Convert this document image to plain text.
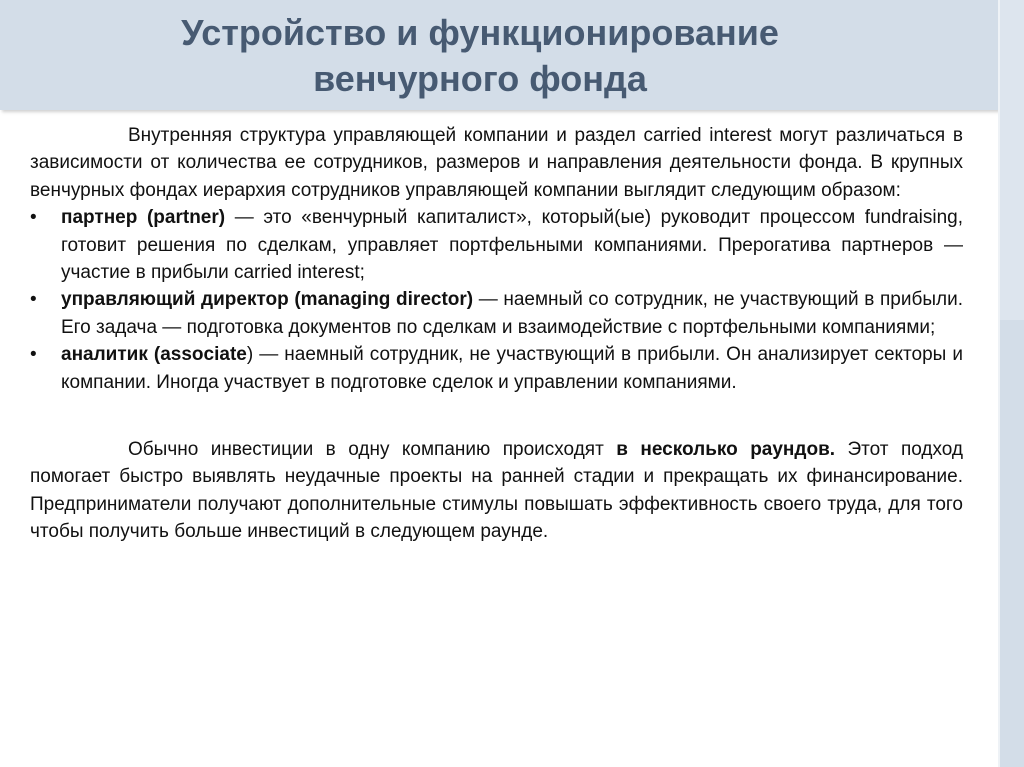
Устройство и функционирование
венчурного фонда

Внутренняя структура управляющей компании и раздел carried interest могут различаться в зависимости от количества ее сотрудников, размеров и направления деятельности фонда. В крупных венчурных фондах иерархия сотрудников управляющей компании выглядит следующим образом:

• партнер (partner) — это «венчурный капиталист», который(ые) руководит процессом fundraising, готовит решения по сделкам, управляет портфельными компаниями. Прерогатива партнеров — участие в прибыли carried interest;
• управляющий директор (managing director) — наемный со сотрудник, не участвующий в прибыли. Его задача — подготовка документов по сделкам и взаимодействие с портфельными компаниями;
• аналитик (associate) — наемный сотрудник, не участвующий в прибыли. Он анализирует секторы и компании. Иногда участвует в подготовке сделок и управлении компаниями.

Обычно инвестиции в одну компанию происходят в несколько раундов. Этот подход помогает быстро выявлять неудачные проекты на ранней стадии и прекращать их финансирование. Предприниматели получают дополнительные стимулы повышать эффективность своего труда, для того чтобы получить больше инвестиций в следующем раунде.
